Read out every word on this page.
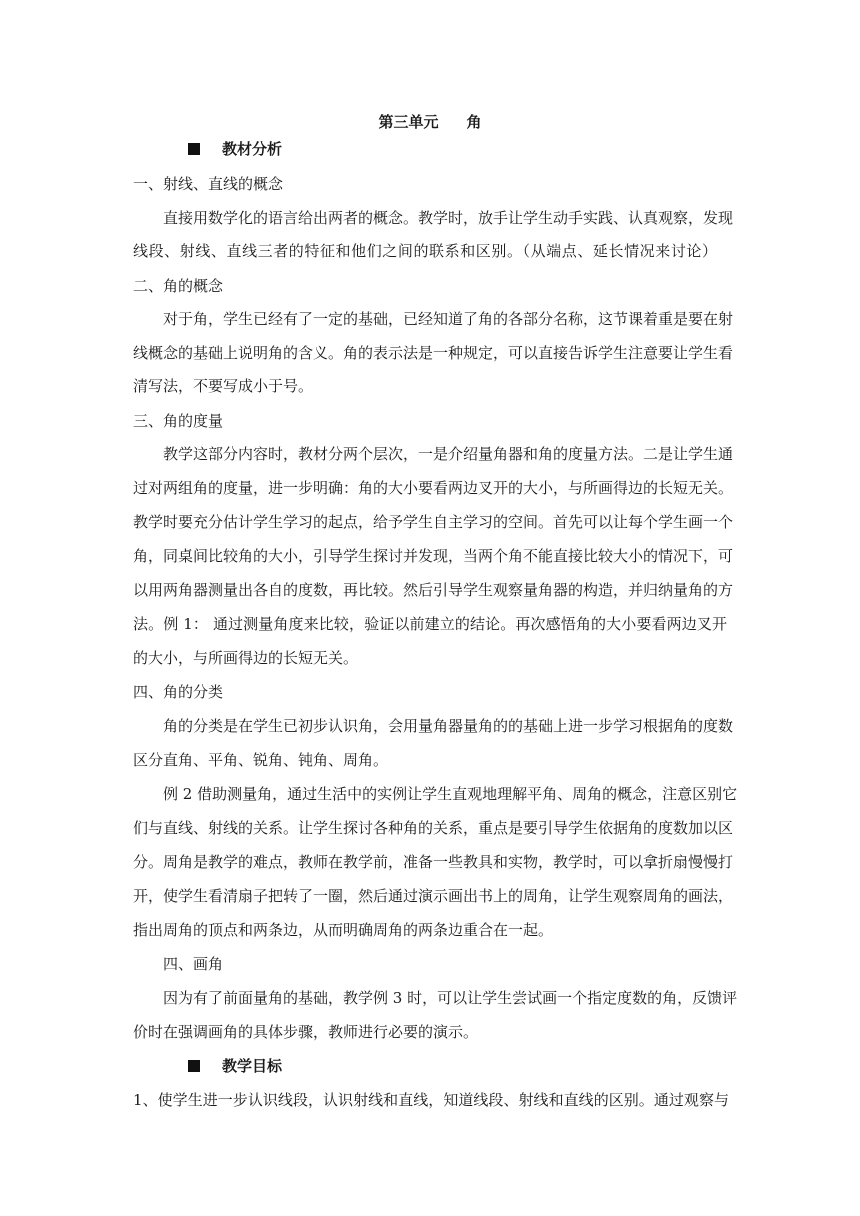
第三单元 角
教材分析
一、射线、直线的概念
直接用数学化的语言给出两者的概念。教学时，放手让学生动手实践、认真观察，发现
线段、射线、直线三者的特征和他们之间的联系和区别。（从端点、延长情况来讨论）
二、角的概念
对于角，学生已经有了一定的基础，已经知道了角的各部分名称，这节课着重是要在射
线概念的基础上说明角的含义。角的表示法是一种规定，可以直接告诉学生注意要让学生看
清写法，不要写成小于号。
三、角的度量
教学这部分内容时，教材分两个层次，一是介绍量角器和角的度量方法。二是让学生通
过对两组角的度量，进一步明确：角的大小要看两边叉开的大小，与所画得边的长短无关。
教学时要充分估计学生学习的起点，给予学生自主学习的空间。首先可以让每个学生画一个
角，同桌间比较角的大小，引导学生探讨并发现，当两个角不能直接比较大小的情况下，可
以用两角器测量出各自的度数，再比较。然后引导学生观察量角器的构造，并归纳量角的方
法。例 1： 通过测量角度来比较，验证以前建立的结论。再次感悟角的大小要看两边叉开
的大小，与所画得边的长短无关。
四、角的分类
角的分类是在学生已初步认识角，会用量角器量角的的基础上进一步学习根据角的度数
区分直角、平角、锐角、钝角、周角。
例 2 借助测量角，通过生活中的实例让学生直观地理解平角、周角的概念，注意区别它
们与直线、射线的关系。让学生探讨各种角的关系，重点是要引导学生依据角的度数加以区
分。周角是教学的难点，教师在教学前，准备一些教具和实物，教学时，可以拿折扇慢慢打
开，使学生看清扇子把转了一圈，然后通过演示画出书上的周角，让学生观察周角的画法，
指出周角的顶点和两条边，从而明确周角的两条边重合在一起。
四、画角
因为有了前面量角的基础，教学例 3 时，可以让学生尝试画一个指定度数的角，反馈评
价时在强调画角的具体步骤，教师进行必要的演示。
教学目标
1、使学生进一步认识线段，认识射线和直线，知道线段、射线和直线的区别。通过观察与
